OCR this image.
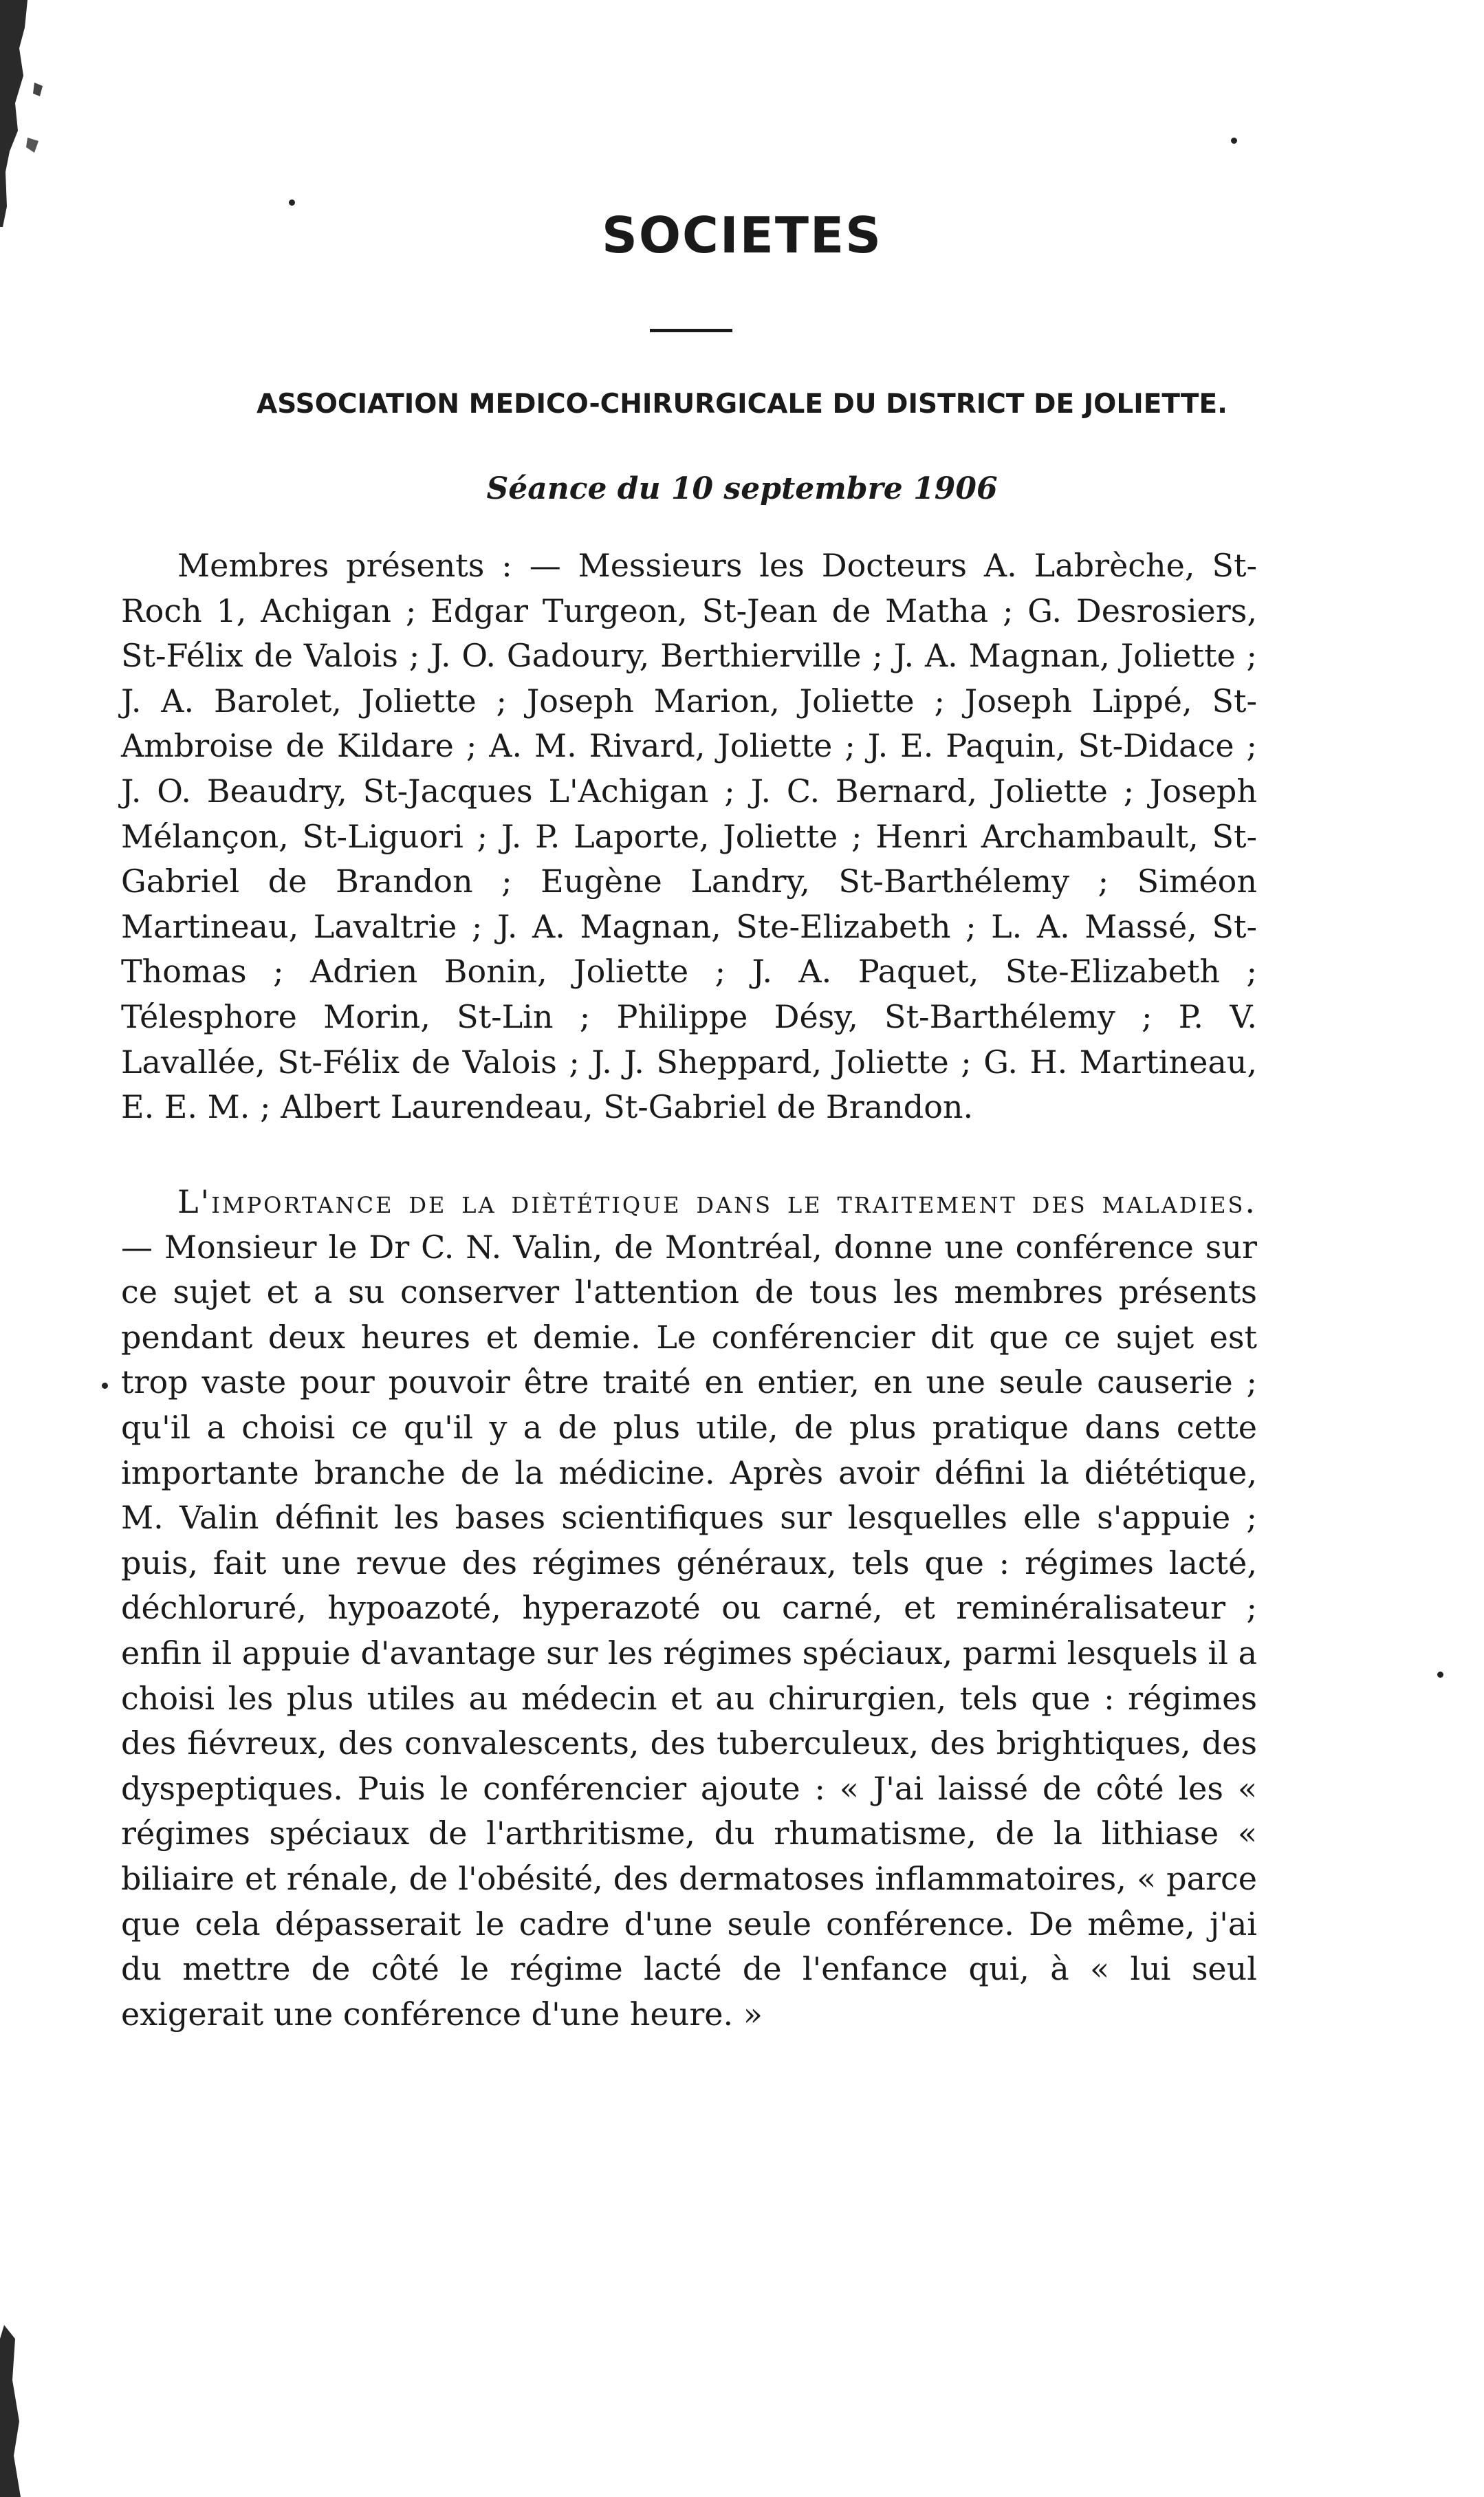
SOCIETES
ASSOCIATION MEDICO-CHIRURGICALE DU DISTRICT DE JOLIETTE.
Séance du 10 septembre 1906

Membres présents : — Messieurs les Docteurs A. Labrèche, St-Roch 1, Achigan ; Edgar Turgeon, St-Jean de Matha ; G. Desrosiers, St-Félix de Valois ; J. O. Gadoury, Berthierville ; J. A. Magnan, Joliette ; J. A. Barolet, Joliette ; Joseph Marion, Joliette ; Joseph Lippé, St-Ambroise de Kildare ; A. M. Rivard, Joliette ; J. E. Paquin, St-Didace ; J. O. Beaudry, St-Jacques L'Achigan ; J. C. Bernard, Joliette ; Joseph Mélançon, St-Liguori ; J. P. Laporte, Joliette ; Henri Archambault, St-Gabriel de Brandon ; Eugène Landry, St-Barthélemy ; Siméon Martineau, Lavaltrie ; J. A. Magnan, Ste-Elizabeth ; L. A. Massé, St-Thomas ; Adrien Bonin, Joliette ; J. A. Paquet, Ste-Elizabeth ; Télesphore Morin, St-Lin ; Philippe Désy, St-Barthélemy ; P. V. Lavallée, St-Félix de Valois ; J. J. Sheppard, Joliette ; G. H. Martineau, E. E. M. ; Albert Laurendeau, St-Gabriel de Brandon.

L'importance de la diètétique dans le traitement des maladies. — Monsieur le Dr C. N. Valin, de Montréal, donne une conférence sur ce sujet et a su conserver l'attention de tous les membres présents pendant deux heures et demie. Le conférencier dit que ce sujet est trop vaste pour pouvoir être traité en entier, en une seule causerie ; qu'il a choisi ce qu'il y a de plus utile, de plus pratique dans cette importante branche de la médicine. Après avoir défini la diététique, M. Valin définit les bases scientifiques sur lesquelles elle s'appuie ; puis, fait une revue des régimes généraux, tels que : régimes lacté, déchloruré, hypoazoté, hyperazoté ou carné, et reminéralisateur ; enfin il appuie d'avantage sur les régimes spéciaux, parmi lesquels il a choisi les plus utiles au médecin et au chirurgien, tels que : régimes des fiévreux, des convalescents, des tuberculeux, des brightiques, des dyspeptiques. Puis le conférencier ajoute : « J'ai laissé de côté les « régimes spéciaux de l'arthritisme, du rhumatisme, de la lithiase « biliaire et rénale, de l'obésité, des dermatoses inflammatoires, « parce que cela dépasserait le cadre d'une seule conférence. De même, j'ai du mettre de côté le régime lacté de l'enfance qui, à « lui seul exigerait une conférence d'une heure. »
